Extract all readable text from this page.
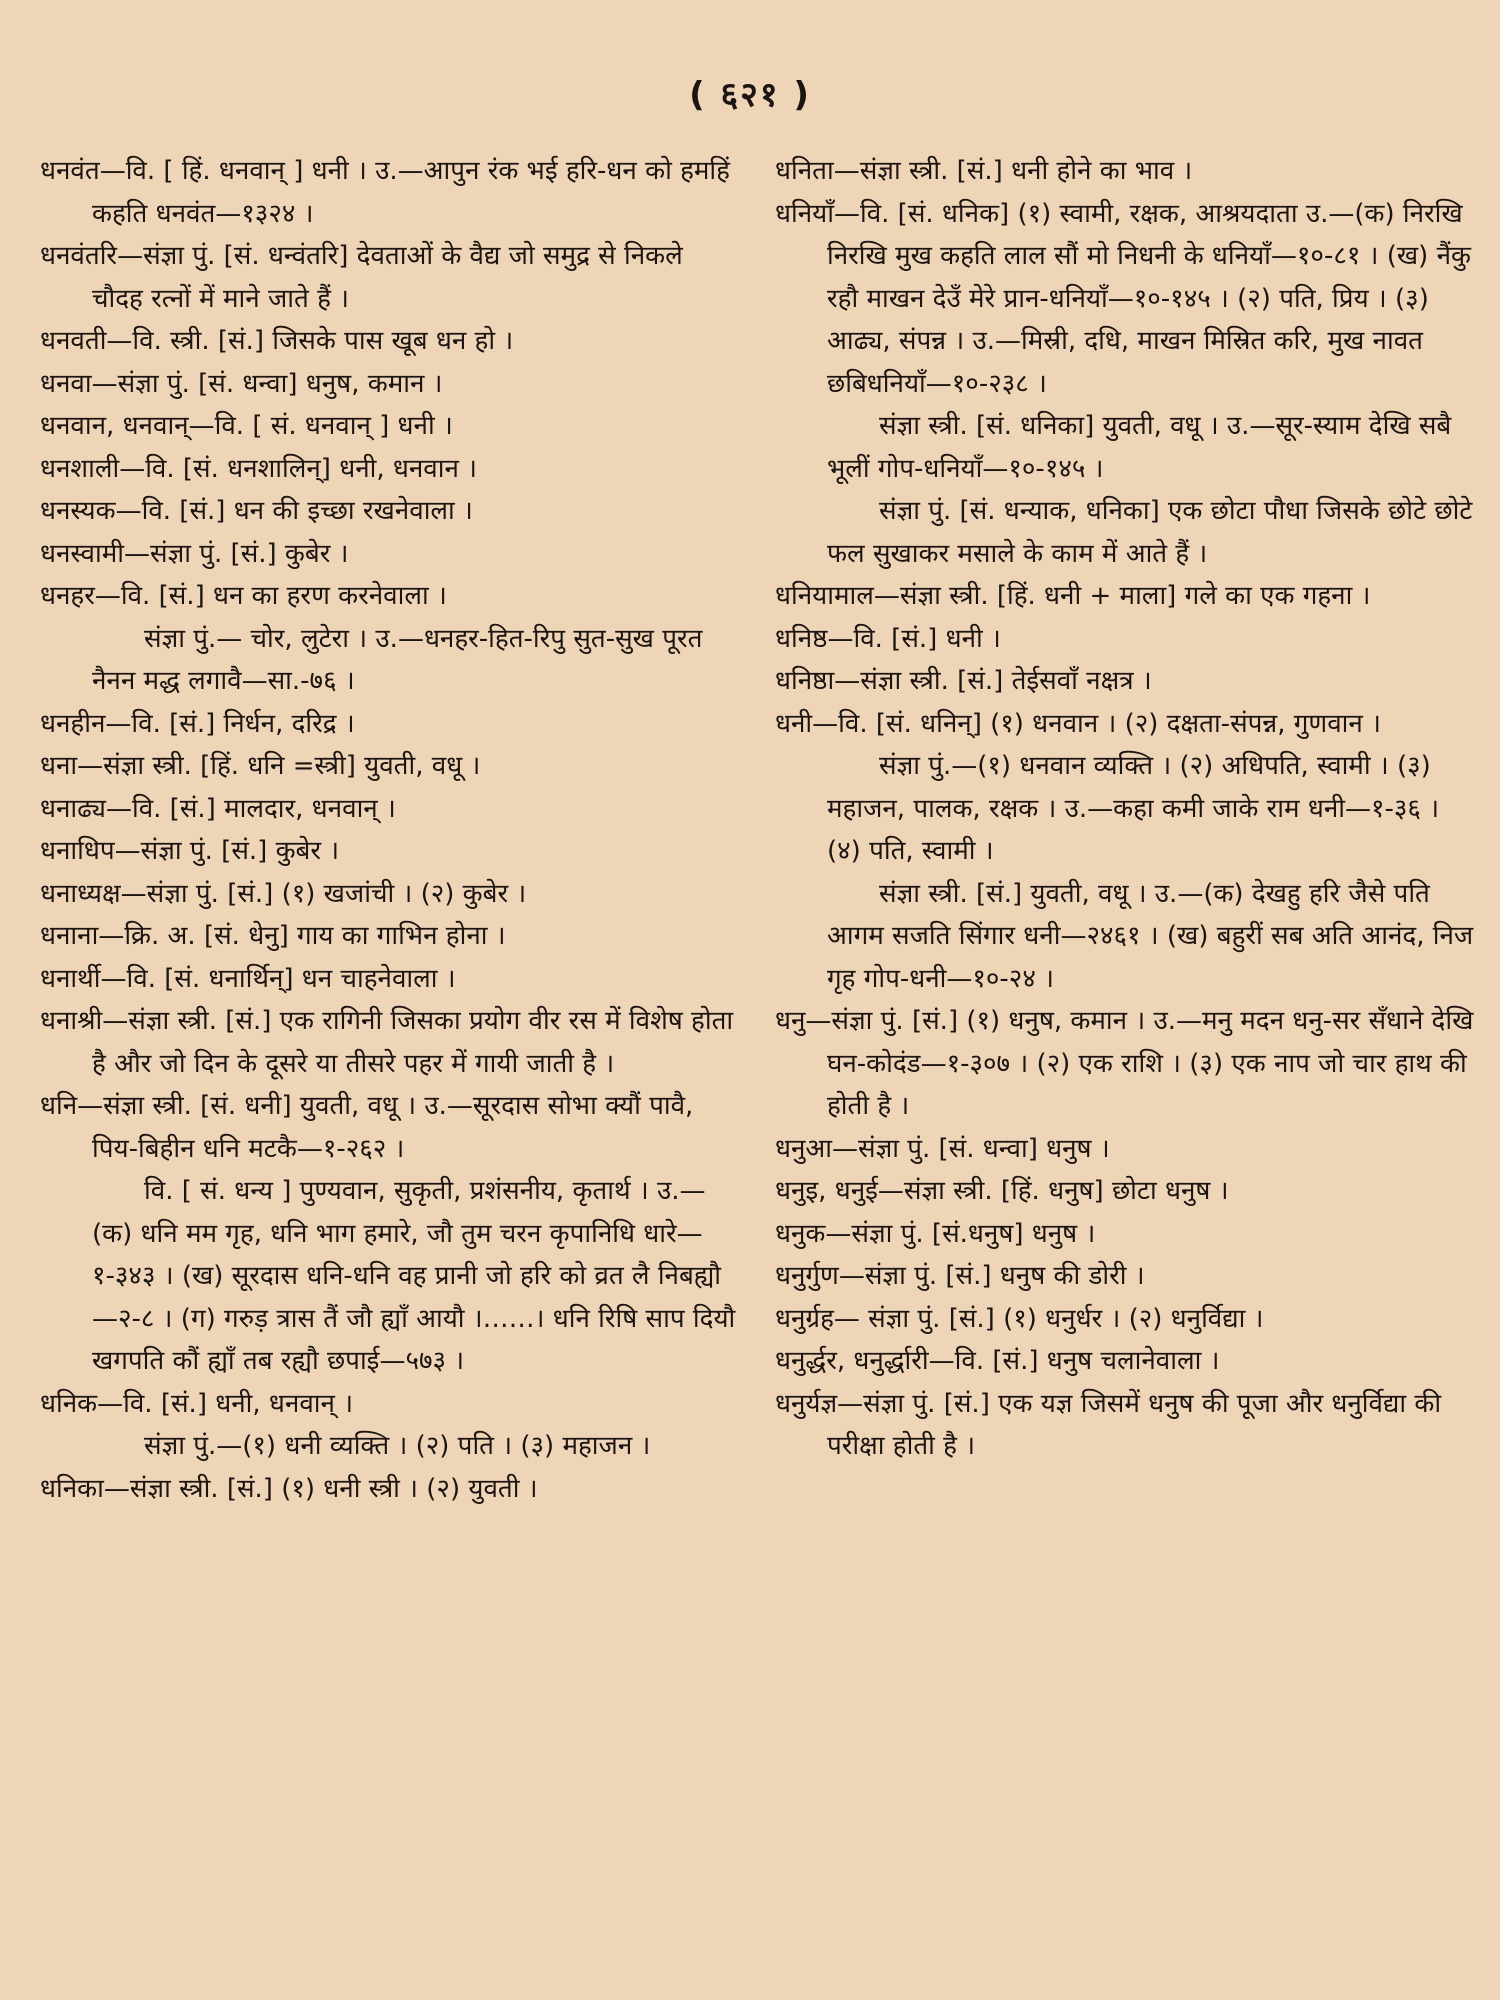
( ६२१ )

धनवंत—वि. [ हिं. धनवान् ] धनी । उ.—आपुन रंक भई हरि-धन को हमहिं कहति धनवंत—१३२४ ।

धनवंतरि—संज्ञा पुं. [सं. धन्वंतरि] देवताओं के वैद्य जो समुद्र से निकले चौदह रत्नों में माने जाते हैं ।

धनवती—वि. स्त्री. [सं.] जिसके पास खूब धन हो ।

धनवा—संज्ञा पुं. [सं. धन्वा] धनुष, कमान ।

धनवान, धनवान्—वि. [ सं. धनवान् ] धनी ।

धनशाली—वि. [सं. धनशालिन्] धनी, धनवान ।

धनस्यक—वि. [सं.] धन की इच्छा रखनेवाला ।

धनस्वामी—संज्ञा पुं. [सं.] कुबेर ।

धनहर—वि. [सं.] धन का हरण करनेवाला ।

संज्ञा पुं.— चोर, लुटेरा । उ.—धनहर-हित-रिपु सुत-सुख पूरत नैनन मद्ध लगावै—सा.-७६ ।

धनहीन—वि. [सं.] निर्धन, दरिद्र ।

धना—संज्ञा स्त्री. [हिं. धनि =स्त्री] युवती, वधू ।

धनाढ्य—वि. [सं.] मालदार, धनवान् ।

धनाधिप—संज्ञा पुं. [सं.] कुबेर ।

धनाध्यक्ष—संज्ञा पुं. [सं.] (१) खजांची । (२) कुबेर ।

धनाना—क्रि. अ. [सं. धेनु] गाय का गाभिन होना ।

धनार्थी—वि. [सं. धनार्थिन्] धन चाहनेवाला ।

धनाश्री—संज्ञा स्त्री. [सं.] एक रागिनी जिसका प्रयोग वीर रस में विशेष होता है और जो दिन के दूसरे या तीसरे पहर में गायी जाती है ।

धनि—संज्ञा स्त्री. [सं. धनी] युवती, वधू । उ.—सूरदास सोभा क्यौं पावै, पिय-बिहीन धनि मटकै—१-२६२ ।

वि. [ सं. धन्य ] पुण्यवान, सुकृती, प्रशंसनीय, कृतार्थ । उ.—(क) धनि मम गृह, धनि भाग हमारे, जौ तुम चरन कृपानिधि धारे—१-३४३ । (ख) सूरदास धनि-धनि वह प्रानी जो हरि को व्रत लै निबह्यौ—२-८ । (ग) गरुड़ त्रास तैं जौ ह्याँ आयौ ।……। धनि रिषि साप दियौ खगपति कौं ह्याँ तब रह्यौ छपाई—५७३ ।

धनिक—वि. [सं.] धनी, धनवान् ।

संज्ञा पुं.—(१) धनी व्यक्ति । (२) पति । (३) महाजन ।

धनिका—संज्ञा स्त्री. [सं.] (१) धनी स्त्री । (२) युवती ।

धनिता—संज्ञा स्त्री. [सं.] धनी होने का भाव ।

धनियाँ—वि. [सं. धनिक] (१) स्वामी, रक्षक, आश्रयदाता उ.—(क) निरखि निरखि मुख कहति लाल सौं मो निधनी के धनियाँ—१०-८१ । (ख) नैंकु रहौ माखन देउँ मेरे प्रान-धनियाँ—१०-१४५ । (२) पति, प्रिय । (३) आढ्य, संपन्न । उ.—मिस्री, दधि, माखन मिस्रित करि, मुख नावत छबिधनियाँ—१०-२३८ ।

संज्ञा स्त्री. [सं. धनिका] युवती, वधू । उ.—सूर-स्याम देखि सबै भूलीं गोप-धनियाँ—१०-१४५ ।

संज्ञा पुं. [सं. धन्याक, धनिका] एक छोटा पौधा जिसके छोटे छोटे फल सुखाकर मसाले के काम में आते हैं ।

धनियामाल—संज्ञा स्त्री. [हिं. धनी + माला] गले का एक गहना ।

धनिष्ठ—वि. [सं.] धनी ।

धनिष्ठा—संज्ञा स्त्री. [सं.] तेईसवाँ नक्षत्र ।

धनी—वि. [सं. धनिन्] (१) धनवान । (२) दक्षता-संपन्न, गुणवान ।

संज्ञा पुं.—(१) धनवान व्यक्ति । (२) अधिपति, स्वामी । (३) महाजन, पालक, रक्षक । उ.—कहा कमी जाके राम धनी—१-३६ । (४) पति, स्वामी ।

संज्ञा स्त्री. [सं.] युवती, वधू । उ.—(क) देखहु हरि जैसे पति आगम सजति सिंगार धनी—२४६१ । (ख) बहुरीं सब अति आनंद, निज गृह गोप-धनी—१०-२४ ।

धनु—संज्ञा पुं. [सं.] (१) धनुष, कमान । उ.—मनु मदन धनु-सर सँधाने देखि घन-कोदंड—१-३०७ । (२) एक राशि । (३) एक नाप जो चार हाथ की होती है ।

धनुआ—संज्ञा पुं. [सं. धन्वा] धनुष ।

धनुइ, धनुई—संज्ञा स्त्री. [हिं. धनुष] छोटा धनुष ।

धनुक—संज्ञा पुं. [सं.धनुष] धनुष ।

धनुर्गुण—संज्ञा पुं. [सं.] धनुष की डोरी ।

धनुर्ग्रह— संज्ञा पुं. [सं.] (१) धनुर्धर । (२) धनुर्विद्या ।

धनुर्द्धर, धनुर्द्धारी—वि. [सं.] धनुष चलानेवाला ।

धनुर्यज्ञ—संज्ञा पुं. [सं.] एक यज्ञ जिसमें धनुष की पूजा और धनुर्विद्या की परीक्षा होती है ।
